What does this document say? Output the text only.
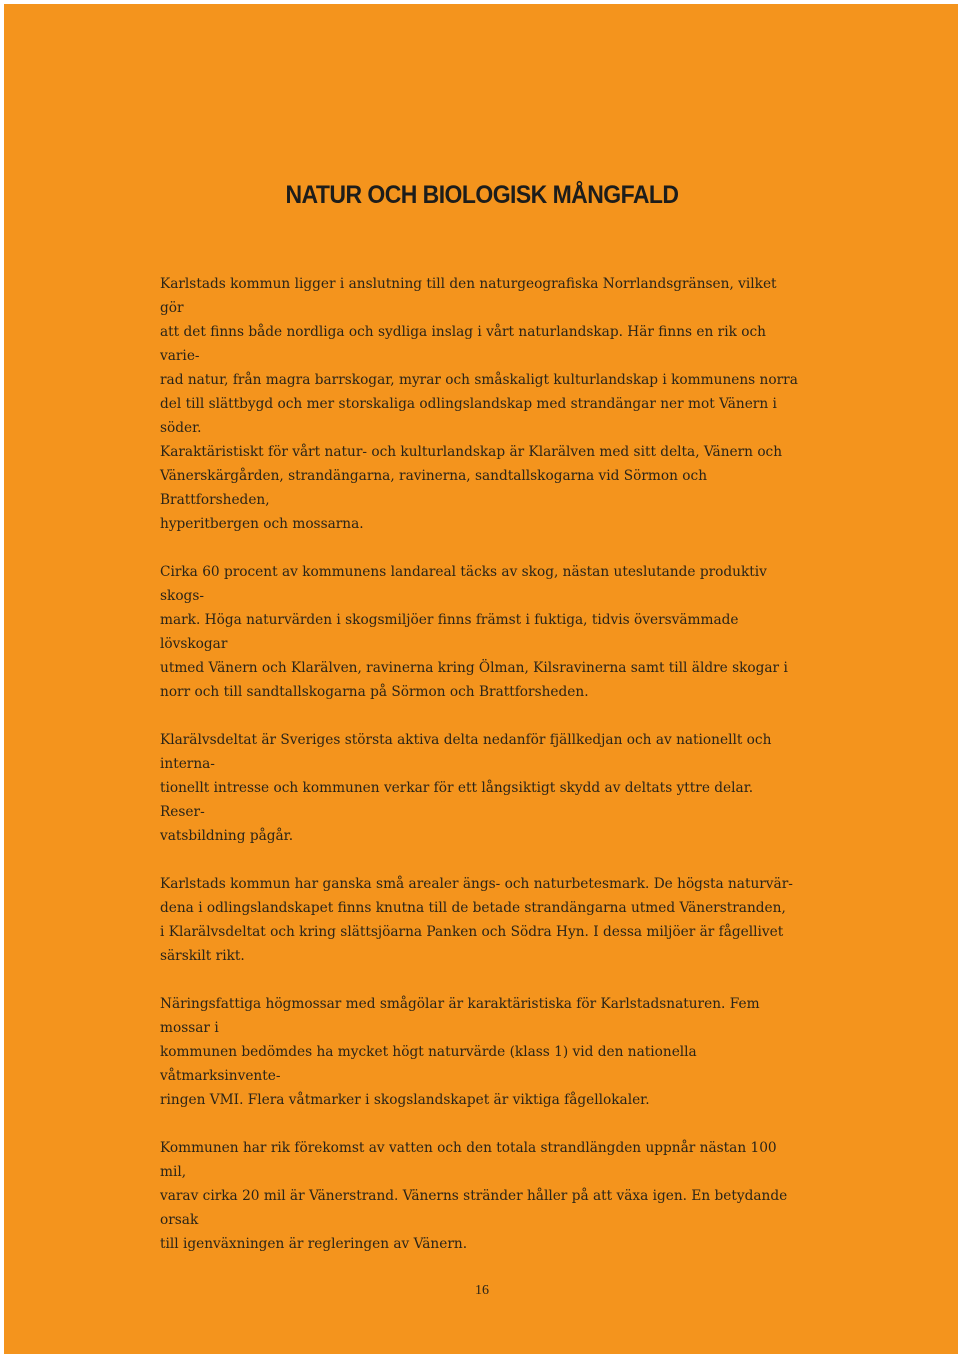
NATUR OCH BIOLOGISK MÅNGFALD

Karlstads kommun ligger i anslutning till den naturgeografiska Norrlandsgränsen, vilket gör
att det finns både nordliga och sydliga inslag i vårt naturlandskap. Här finns en rik och varie-
rad natur, från magra barrskogar, myrar och småskaligt kulturlandskap i kommunens norra
del till slättbygd och mer storskaliga odlingslandskap med strandängar ner mot Vänern i söder.
Karaktäristiskt för vårt natur- och kulturlandskap är Klarälven med sitt delta, Vänern och
Vänerskärgården, strandängarna, ravinerna, sandtallskogarna vid Sörmon och Brattforsheden,
hyperitbergen och mossarna.

Cirka 60 procent av kommunens landareal täcks av skog, nästan uteslutande produktiv skogs-
mark. Höga naturvärden i skogsmiljöer finns främst i fuktiga, tidvis översvämmade lövskogar
utmed Vänern och Klarälven, ravinerna kring Ölman, Kilsravinerna samt till äldre skogar i
norr och till sandtallskogarna på Sörmon och Brattforsheden.

Klarälvsdeltat är Sveriges största aktiva delta nedanför fjällkedjan och av nationellt och interna-
tionellt intresse och kommunen verkar för ett långsiktigt skydd av deltats yttre delar. Reser-
vatsbildning pågår.

Karlstads kommun har ganska små arealer ängs- och naturbetesmark. De högsta naturvär-
dena i odlingslandskapet finns knutna till de betade strandängarna utmed Vänerstranden,
i Klarälvsdeltat och kring slättsjöarna Panken och Södra Hyn. I dessa miljöer är fågellivet
särskilt rikt.

Näringsfattiga högmossar med smågölar är karaktäristiska för Karlstadsnaturen. Fem mossar i
kommunen bedömdes ha mycket högt naturvärde (klass 1) vid den nationella våtmarksinvente-
ringen VMI. Flera våtmarker i skogslandskapet är viktiga fågellokaler.

Kommunen har rik förekomst av vatten och den totala strandlängden uppnår nästan 100 mil,
varav cirka 20 mil är Vänerstrand. Vänerns stränder håller på att växa igen. En betydande orsak
till igenväxningen är regleringen av Vänern.

16
